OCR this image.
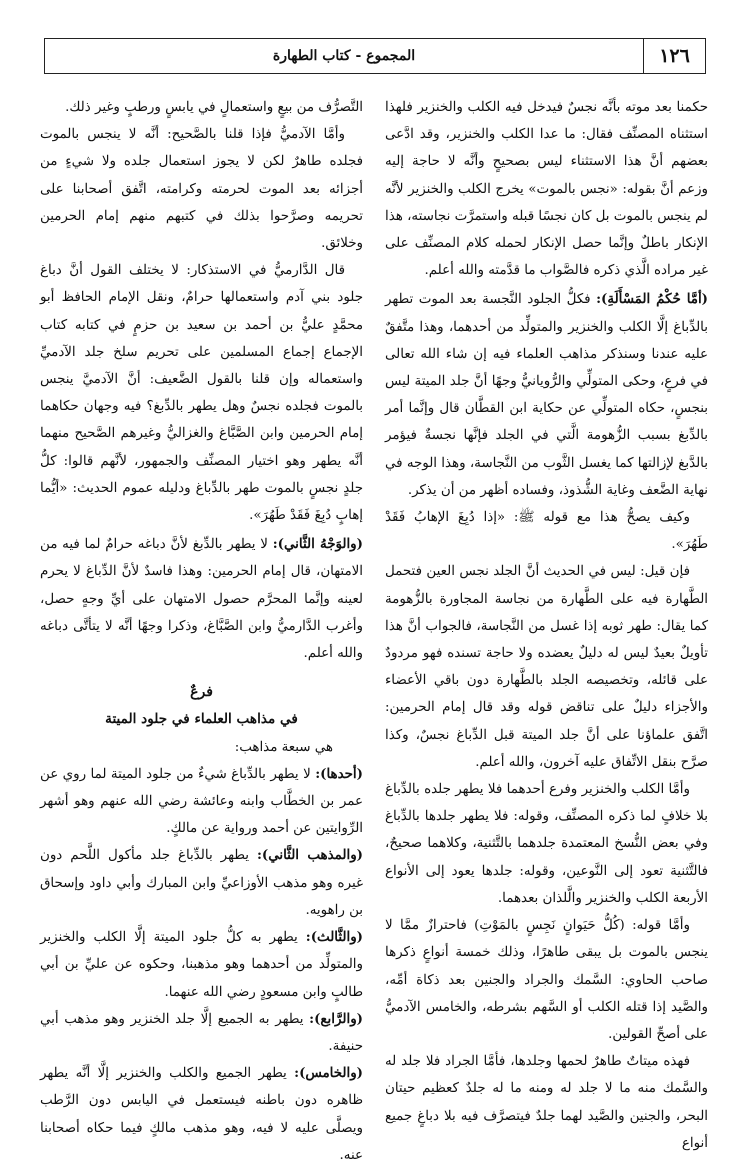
١٢٦
المجموع - كتاب الطهارة

حكمنا بعد موته بأنَّه نجسٌ فيدخل فيه الكلب والخنزير فلهذا استثناه المصنِّف فقال: ما عدا الكلب والخنزير، وقد ادَّعى بعضهم أنَّ هذا الاستثناء ليس بصحيحٍ وأنَّه لا حاجة إليه وزعم أنَّ بقوله: «نجس بالموت» يخرج الكلب والخنزير لأنَّه لم ينجس بالموت بل كان نجسًا قبله واستمرَّت نجاسته، هذا الإنكار باطلٌ وإنَّما حصل الإنكار لحمله كلام المصنِّف على غير مراده الَّذي ذكره فالصَّواب ما قدَّمته والله أعلم.

(أمَّا حُكْمُ المَسْأَلَةِ): فكلُّ الجلود النَّجسة بعد الموت تطهر بالدِّباغ إلَّا الكلب والخنزير والمتولِّد من أحدهما، وهذا متَّفقٌ عليه عندنا وسنذكر مذاهب العلماء فيه إن شاء الله تعالى في فرعٍ، وحكى المتولِّي والرُّويانيُّ وجهًا أنَّ جلد الميتة ليس بنجسٍ، حكاه المتولِّي عن حكاية ابن القطَّان قال وإنَّما أمر بالدِّبغ بسبب الزُّهومة الَّتي في الجلد فإنَّها نجسةٌ فيؤمر بالدَّبغ لإزالتها كما يغسل الثَّوب من النَّجاسة، وهذا الوجه في نهاية الضَّعف وغاية الشُّذوذ، وفساده أظهر من أن يذكر.

وكيف يصحُّ هذا مع قوله ﷺ: «إذا دُبِغَ الإهابُ فَقَدْ طَهُرَ».

فإن قيل: ليس في الحديث أنَّ الجلد نجس العين فتحمل الطَّهارة فيه على الطَّهارة من نجاسة المجاورة بالزُّهومة كما يقال: طهر ثوبه إذا غسل من النَّجاسة، فالجواب أنَّ هذا تأويلٌ بعيدٌ ليس له دليلٌ يعضده ولا حاجة تسنده فهو مردودٌ على قائله، وتخصيصه الجلد بالطَّهارة دون باقي الأعضاء والأجزاء دليلٌ على تناقض قوله وقد قال إمام الحرمين: اتَّفق علماؤنا على أنَّ جلد الميتة قبل الدِّباغ نجسٌ، وكذا صرَّح بنقل الاتِّفاق عليه آخرون، والله أعلم.

وأمَّا الكلب والخنزير وفرع أحدهما فلا يطهر جلده بالدِّباغ بلا خلافٍ لما ذكره المصنِّف، وقوله: فلا يطهر جلدها بالدِّباغ وفي بعض النُّسخ المعتمدة جلدهما بالتَّثنية، وكلاهما صحيحٌ، فالتَّثنية تعود إلى النَّوعين، وقوله: جلدها يعود إلى الأنواع الأربعة الكلب والخنزير والَّلذان بعدهما.

وأمَّا قوله: (كُلُّ حَيَوانٍ نَجِسٍ بالمَوْتِ) فاحترازٌ ممَّا لا ينجس بالموت بل يبقى طاهرًا، وذلك خمسة أنواعٍ ذكرها صاحب الحاوي: السَّمك والجراد والجنين بعد ذكاة أمِّه، والصَّيد إذا قتله الكلب أو السَّهم بشرطه، والخامس الآدميُّ على أصحِّ القولين.

فهذه ميتاتٌ طاهرٌ لحمها وجلدها، فأمَّا الجراد فلا جلد له والسَّمك منه ما لا جلد له ومنه ما له جلدٌ كعظيم حيتان البحر، والجنين والصَّيد لهما جلدٌ فيتصرَّف فيه بلا دباغٍ جميع أنواع

التَّصرُّف من بيعٍ واستعمالٍ في يابسٍ ورطبٍ وغير ذلك.

وأمَّا الآدميُّ فإذا قلنا بالصَّحيح: أنَّه لا ينجس بالموت فجلده طاهرٌ لكن لا يجوز استعمال جلده ولا شيءٍ من أجزائه بعد الموت لحرمته وكرامته، اتَّفق أصحابنا على تحريمه وصرَّحوا بذلك في كتبهم منهم إمام الحرمين وخلائق.

قال الدَّارميُّ في الاستذكار: لا يختلف القول أنَّ دباغ جلود بني آدم واستعمالها حرامٌ، ونقل الإمام الحافظ أبو محمَّدٍ عليُّ بن أحمد بن سعيد بن حزمٍ في كتابه كتاب الإجماع إجماع المسلمين على تحريم سلخ جلد الآدميِّ واستعماله وإن قلنا بالقول الضَّعيف: أنَّ الآدميَّ ينجس بالموت فجلده نجسٌ وهل يطهر بالدِّبغ؟ فيه وجهان حكاهما إمام الحرمين وابن الصَّبَّاغ والغزاليُّ وغيرهم الصَّحيح منهما أنَّه يطهر وهو اختيار المصنِّف والجمهور، لأنَّهم قالوا: كلُّ جلدٍ نجسٍ بالموت طهر بالدِّباغ ودليله عموم الحديث: «أيُّما إهابٍ دُبِغَ فَقَدْ طَهُرَ».

(والوَجْهُ الثَّاني): لا يطهر بالدِّبغ لأنَّ دباغه حرامٌ لما فيه من الامتهان، قال إمام الحرمين: وهذا فاسدٌ لأنَّ الدِّباغ لا يحرم لعينه وإنَّما المحرَّم حصول الامتهان على أيِّ وجهٍ حصل، وأغرب الدَّارميُّ وابن الصَّبَّاغ، وذكرا وجهًا أنَّه لا يتأتَّى دباغه والله أعلم.

فرعٌ
في مذاهب العلماء في جلود الميتة

هي سبعة مذاهب:

(أحدها): لا يطهر بالدِّباغ شيءٌ من جلود الميتة لما روي عن عمر بن الخطَّاب وابنه وعائشة رضي الله عنهم وهو أشهر الرِّوايتين عن أحمد ورواية عن مالكٍ.

(والمذهب الثَّاني): يطهر بالدِّباغ جلد مأكول اللَّحم دون غيره وهو مذهب الأوزاعيِّ وابن المبارك وأبي داود وإسحاق بن راهويه.

(والثَّالث): يطهر به كلُّ جلود الميتة إلَّا الكلب والخنزير والمتولِّد من أحدهما وهو مذهبنا، وحكوه عن عليِّ بن أبي طالبٍ وابن مسعودٍ رضي الله عنهما.

(والرَّابع): يطهر به الجميع إلَّا جلد الخنزير وهو مذهب أبي حنيفة.

(والخامس): يطهر الجميع والكلب والخنزير إلَّا أنَّه يطهر ظاهره دون باطنه فيستعمل في اليابس دون الرَّطب ويصلَّى عليه لا فيه، وهو مذهب مالكٍ فيما حكاه أصحابنا عنه.
